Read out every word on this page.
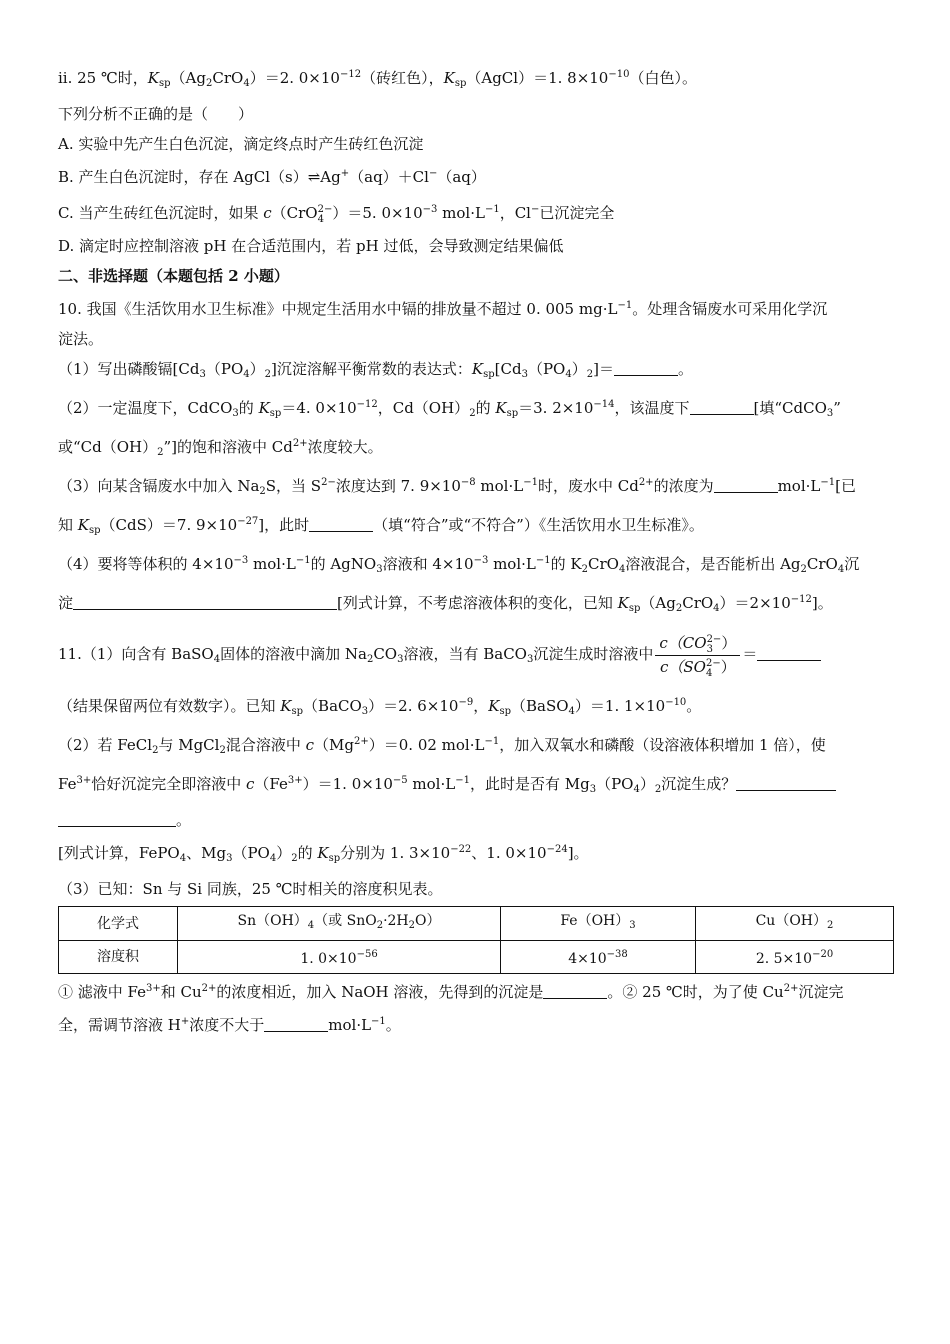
ii. 25 ℃时，$K_{sp}(Ag_2CrO_4)=2$. $0\times 10^{-12}$（砖红色），$K_{sp}(AgCl)=1$. $8\times 10^{-10}$（白色）。
下列分析不正确的是（　　）
A. 实验中先产生白色沉淀，滴定终点时产生砖红色沉淀
B. 产生白色沉淀时，存在 AgCl（s）⇌Ag+（aq）＋Cl−（aq）
C. 当产生砖红色沉淀时，如果 c（CrO 2−
4 ）＝5. $0\times 10^{-3}$ $mol\cdot L^{-1}$，Cl−已沉淀完全
D. 滴定时应控制溶液 pH 在合适范围内，若 pH 过低，会导致测定结果偏低
二、非选择题（本题包括 2 小题）
10. 我国《生活饮用水卫生标准》中规定生活用水中镉的排放量不超过 0. 005 $mg\cdot L^{-1}$。处理含镉废水可采用化学沉
淀法。
（1）写出磷酸镉$[Cd_3(PO_4)_2]$沉淀溶解平衡常数的表达式：$K_{sp}[Cd_3(PO_4)_2]=$	。
（2）一定温度下，CdCO$_3$的 $K_{sp}=4$. $0\times 10^{-12}$，$Cd(OH)_2$的 $K_{sp}=3$. $2\times 10^{-14}$，该温度下	[填“CdCO$_3$”
或“$Cd(OH)_2$”]的饱和溶液中 $Cd^{2+}$浓度较大。
（3）向某含镉废水中加入 $Na_2S$，当 $S^{2-}$浓度达到 7. $9\times 10^{-8}$ $mol\cdot L^{-1}$时，废水中 $Cd^{2+}$的浓度为	$mol\cdot L^{-1}$[已
知 $K_{sp}(CdS)=7$. $9\times 10^{-27}$]，此时	（填“符合”或“不符合”）《生活饮用水卫生标准》。
（4）要将等体积的 $4\times 10^{-3}$ $mol\cdot L^{-1}$的 AgNO$_3$溶液和 $4\times 10^{-3}$ $mol\cdot L^{-1}$的 $K_2CrO_4$溶液混合，是否能析出 $Ag_2CrO_4$沉
淀	[列式计算，不考虑溶液体积的变化，已知 $K_{sp}(Ag_2CrO_4)=2\times 10^{-12}$]。
11.（1）向含有 BaSO$_4$固体的溶液中滴加 $Na_2CO_3$溶液，当有 BaCO$_3$沉淀生成时溶液中 c（CO 2−
3 ）
c（SO 2−
4 ） ＝
（结果保留两位有效数字）。已知 $K_{sp}(BaCO_3)=2$. $6\times 10^{-9}$，$K_{sp}(BaSO_4)=1$. $1\times 10^{-10}$。
（2）若 FeCl$_2$与 MgCl$_2$混合溶液中 $c(Mg^{2+})=0$. 02 $mol\cdot L^{-1}$，加入双氧水和磷酸（设溶液体积增加 1 倍），使
$Fe^{3+}$恰好沉淀完全即溶液中 $c(Fe^{3+})=1$. $0\times 10^{-5}$ $mol\cdot L^{-1}$，此时是否有 $Mg_3(PO_4)_2$沉淀生成？
。
[列式计算，FePO$_4$、$Mg_3(PO_4)_2$的 $K_{sp}$分别为 1. $3\times 10^{-22}$、1. $0\times 10^{-24}$]。
（3）已知：Sn 与 Si 同族，25 ℃时相关的溶度积见表。
化学式	$Sn(OH)_4$（或 $SnO_2\cdot 2H_2O$）	$Fe(OH)_3$	$Cu(OH)_2$
溶度积	1. $0\times 10^{-56}$	$4\times 10^{-38}$	2. $5\times 10^{-20}$
① 滤液中 $Fe^{3+}$和 $Cu^{2+}$的浓度相近，加入 NaOH 溶液，先得到的沉淀是	。② 25 ℃时，为了使 $Cu^{2+}$沉淀完
全，需调节溶液 H+浓度不大于	$mol\cdot L^{-1}$。
